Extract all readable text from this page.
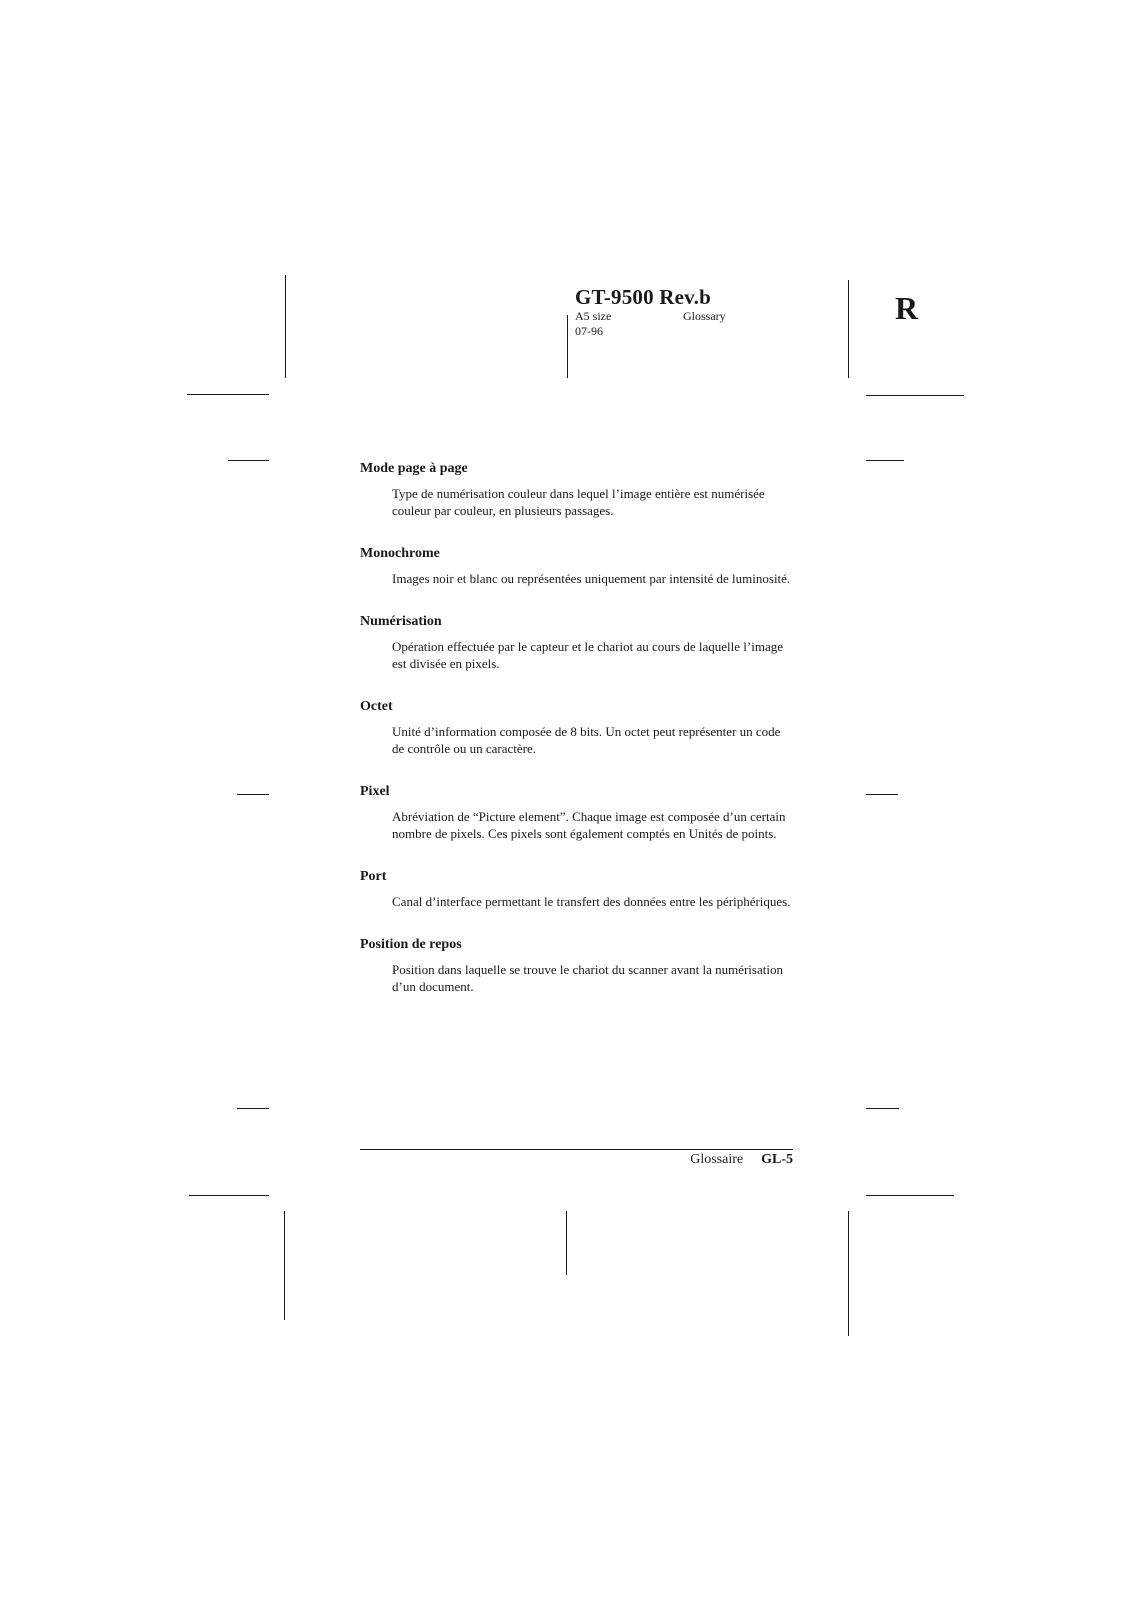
GT-9500 Rev.b
A5 size	Glossary
07-96
R
Mode page à page
Type de numérisation couleur dans lequel l’image entière est numérisée couleur par couleur, en plusieurs passages.
Monochrome
Images noir et blanc ou représentées uniquement par intensité de luminosité.
Numérisation
Opération effectuée par le capteur et le chariot au cours de laquelle l’image est divisée en pixels.
Octet
Unité d’information composée de 8 bits. Un octet peut représenter un code de contrôle ou un caractère.
Pixel
Abréviation de “Picture element”. Chaque image est composée d’un certain nombre de pixels. Ces pixels sont également comptés en Unités de points.
Port
Canal d’interface permettant le transfert des données entre les périphériques.
Position de repos
Position dans laquelle se trouve le chariot du scanner avant la numérisation d’un document.
Glossaire GL-5
